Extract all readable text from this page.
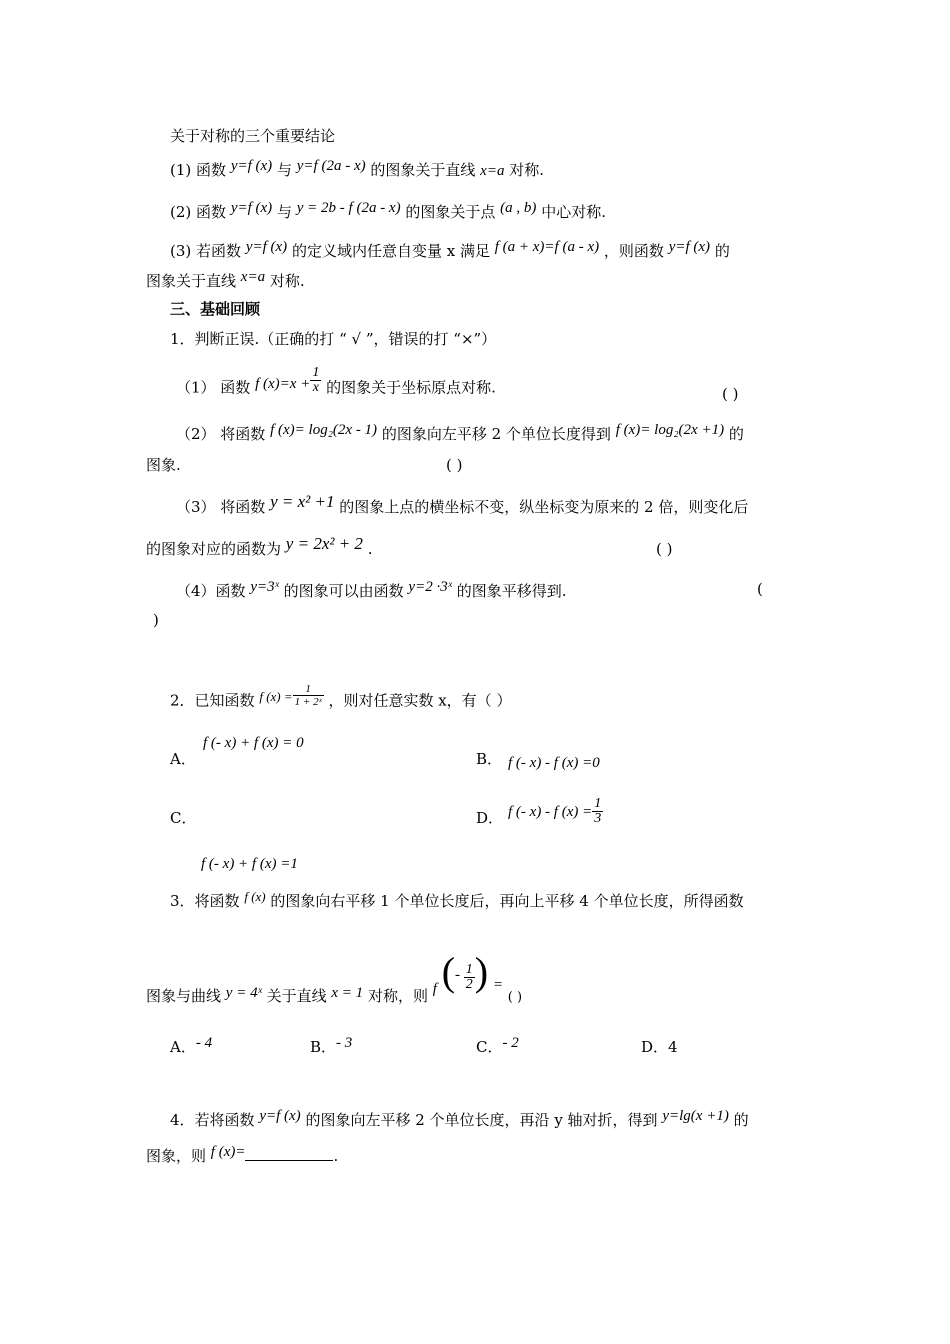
关于对称的三个重要结论
(1) 函数 y=f (x) 与 y=f (2a - x) 的图象关于直线 x=a 对称.
(2) 函数 y=f (x) 与 y = 2b - f (2a - x) 的图象关于点 (a , b) 中心对称.
(3) 若函数 y=f (x) 的定义域内任意自变量 x 满足 f (a + x)=f (a - x) ，则函数 y=f (x) 的
图象关于直线 x=a 对称.
三、基础回顾
1．判断正误.（正确的打 “ √ ”，错误的打 “×”）
（1） 函数 f $(x)=x + \frac{1}{x}$ 的图象关于坐标原点对称.	( )
（2） 将函数 f (x)= log₂(2x - 1) 的图象向左平移 2 个单位长度得到 f (x)= log₂(2x +1) 的
图象.	( )
（3） 将函数 y = x² +1 的图象上点的横坐标不变，纵坐标变为原来的 2 倍，则变化后
的图象对应的函数为 y = 2x² + 2 .	( )
（4）函数 y=3ˣ 的图象可以由函数 y=2 ·3ˣ 的图象平移得到.	(
)
2．已知函数 f $(x) = \frac{1}{\text{1 + 2ˣ}}$ ，则对任意实数 x，有（ ）
A．
f (- x) + f (x) = 0
B． f (- x) - f (x) =0
C．
f (- x) + f (x) =1
D． f (- x) - f $(x) = \frac{1}{3}$
3．将函数 f (x) 的图象向右平移 1 个单位长度后，再向上平移 4 个单位长度，所得函数
图象与曲线 y = 4ˣ 关于直线 x = 1 对称，则 f (- $\frac{1}{2}$ ) = ( )
A．- 4	B．- 3	C．- 2	D．4
4．若将函数 y=f (x) 的图象向左平移 2 个单位长度，再沿 y 轴对折，得到 y=lg(x +1) 的
图象，则 f (x)=	.
